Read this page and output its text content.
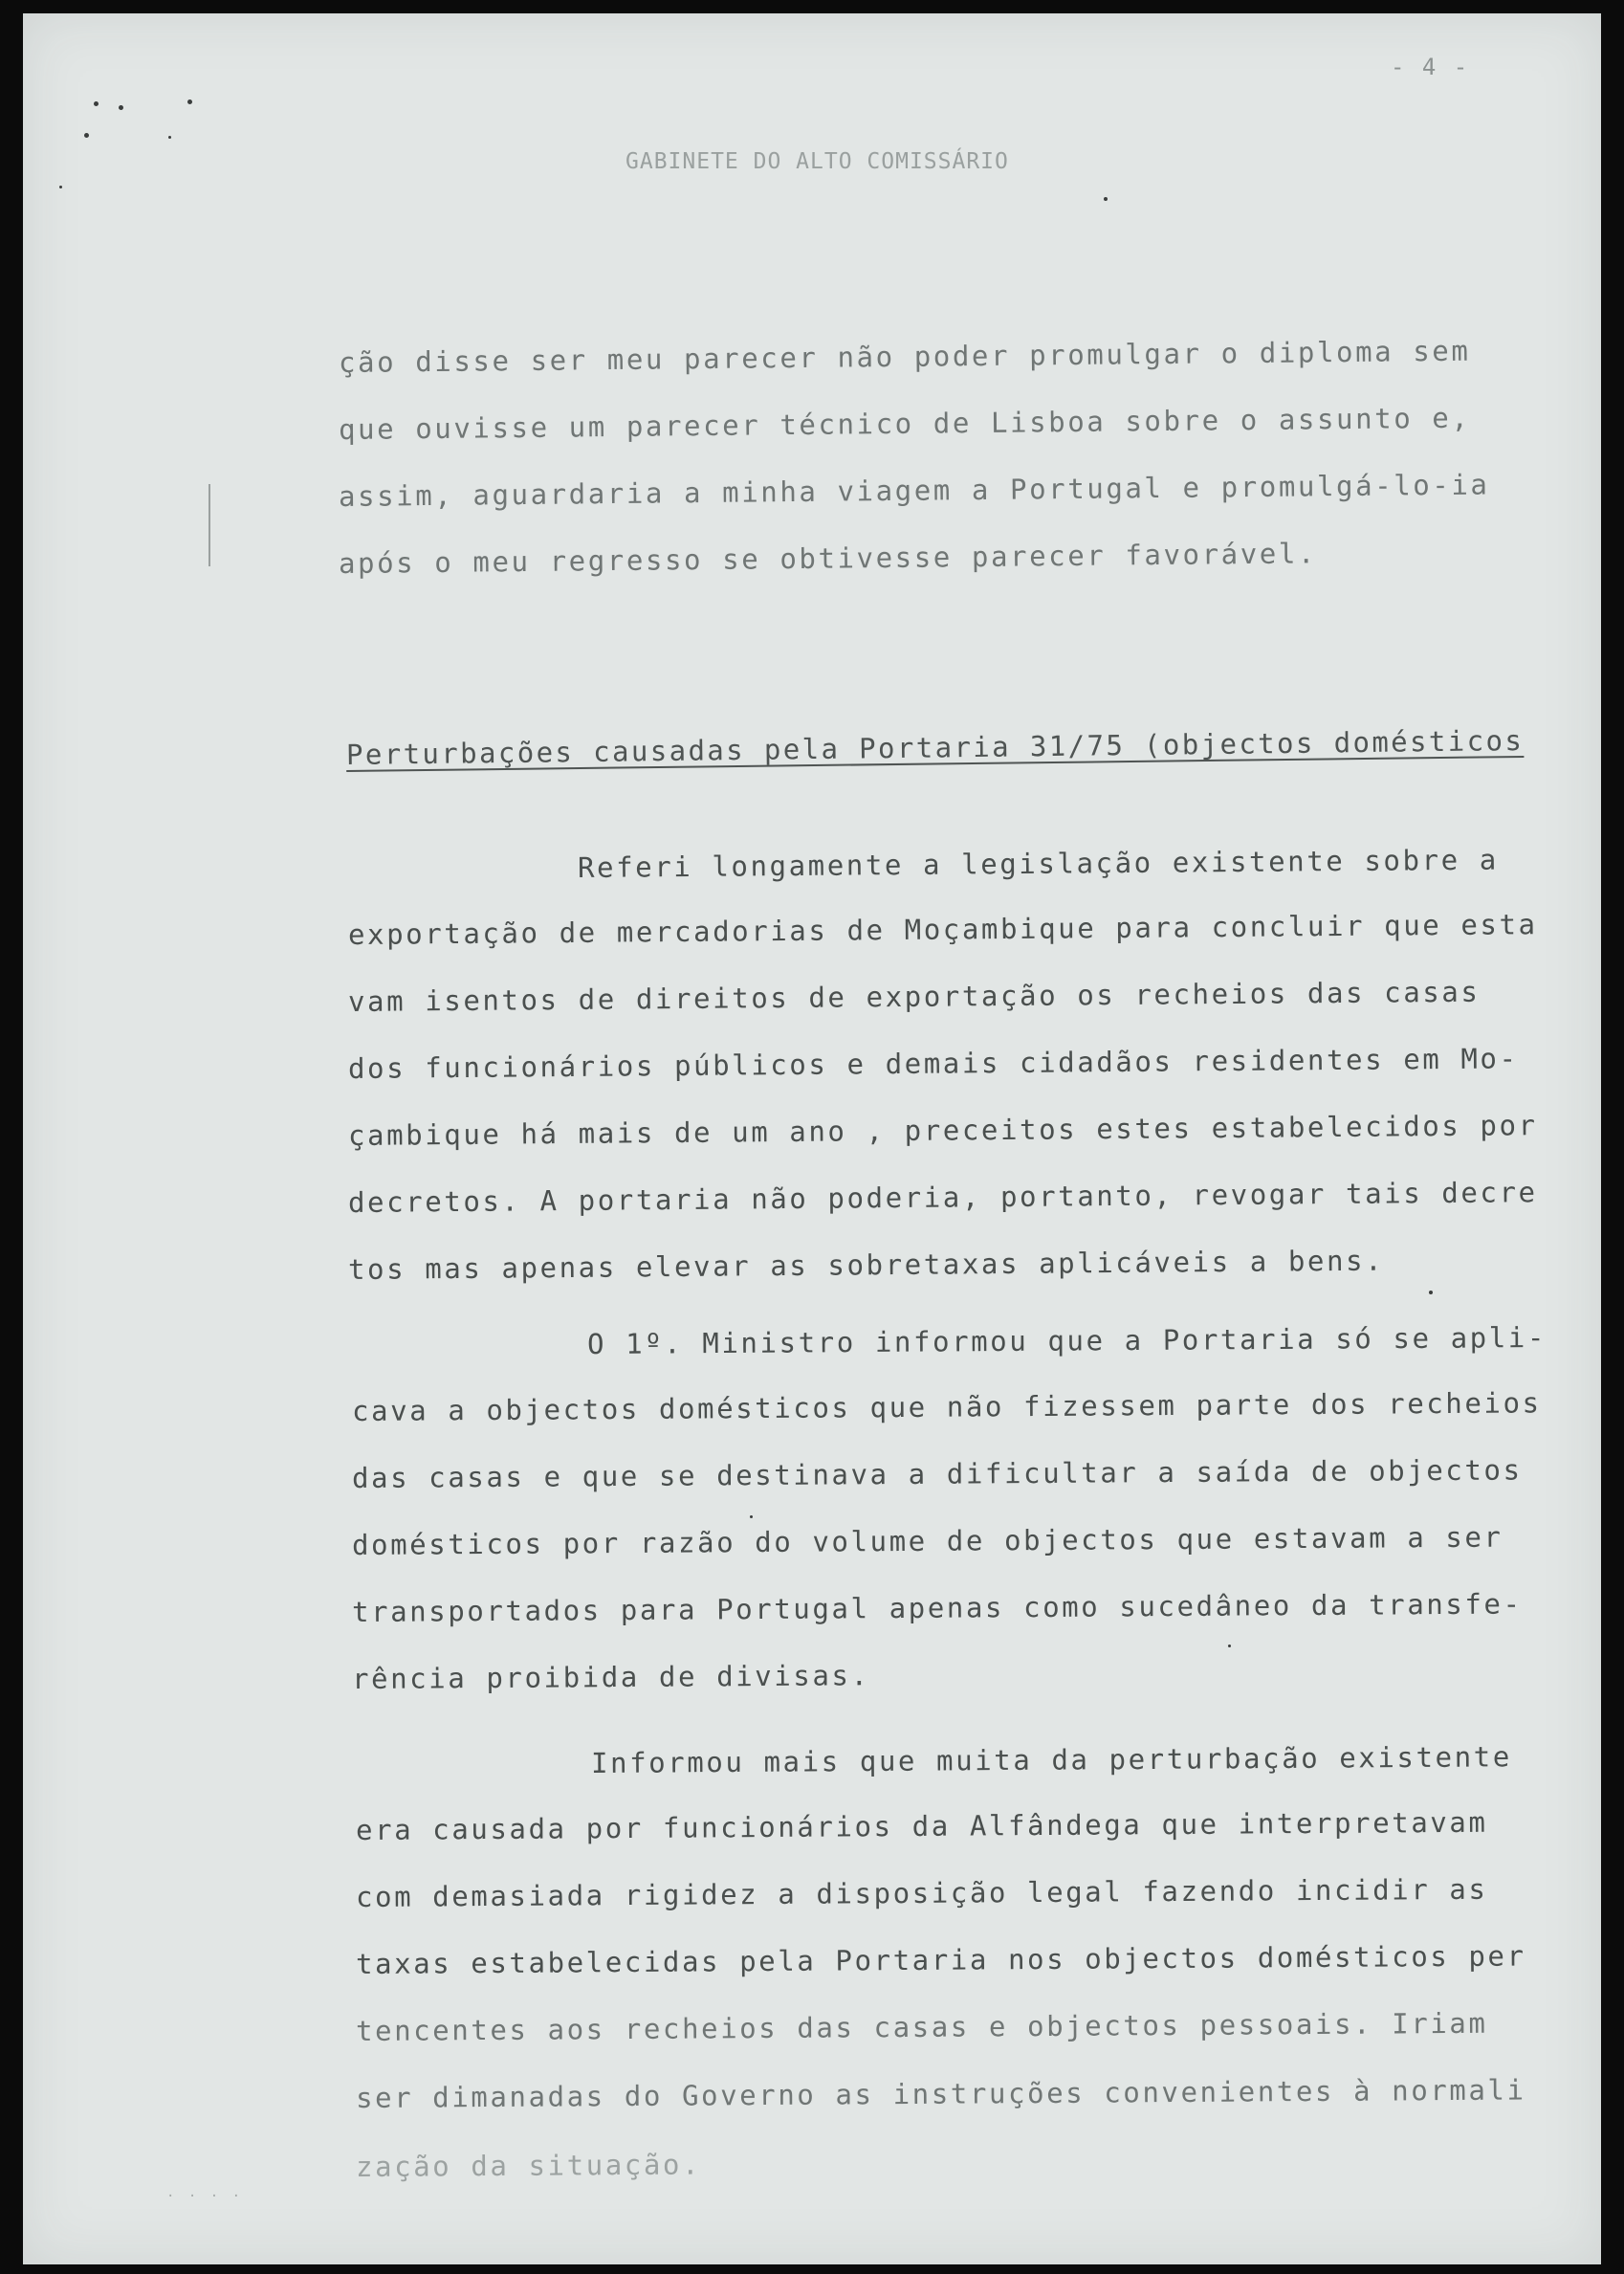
- 4 -
GABINETE DO ALTO COMISSÁRIO
ção disse ser meu parecer não poder promulgar o diploma sem
que ouvisse um parecer técnico de Lisboa sobre o assunto e,
assim, aguardaria a minha viagem a Portugal e promulgá-lo-ia
após o meu regresso se obtivesse parecer favorável.
Perturbações causadas pela Portaria 31/75 (objectos domésticos
Referi longamente a legislação existente sobre a
exportação de mercadorias de Moçambique para concluir que esta
vam isentos de direitos de exportação os recheios das casas
dos funcionários públicos e demais cidadãos residentes em Mo-
çambique há mais de um ano , preceitos estes estabelecidos por
decretos. A portaria não poderia, portanto, revogar tais decre
tos mas apenas elevar as sobretaxas aplicáveis a bens.
O 1º. Ministro informou que a Portaria só se apli-
cava a objectos domésticos que não fizessem parte dos recheios
das casas e que se destinava a dificultar a saída de objectos
domésticos por razão do volume de objectos que estavam a ser
transportados para Portugal apenas como sucedâneo da transfe-
rência proibida de divisas.
Informou mais que muita da perturbação existente
era causada por funcionários da Alfândega que interpretavam
com demasiada rigidez a disposição legal fazendo incidir as
taxas estabelecidas pela Portaria nos objectos domésticos per
tencentes aos recheios das casas e objectos pessoais. Iriam
ser dimanadas do Governo as instruções convenientes à normali
zação da situação.
· · · ·
